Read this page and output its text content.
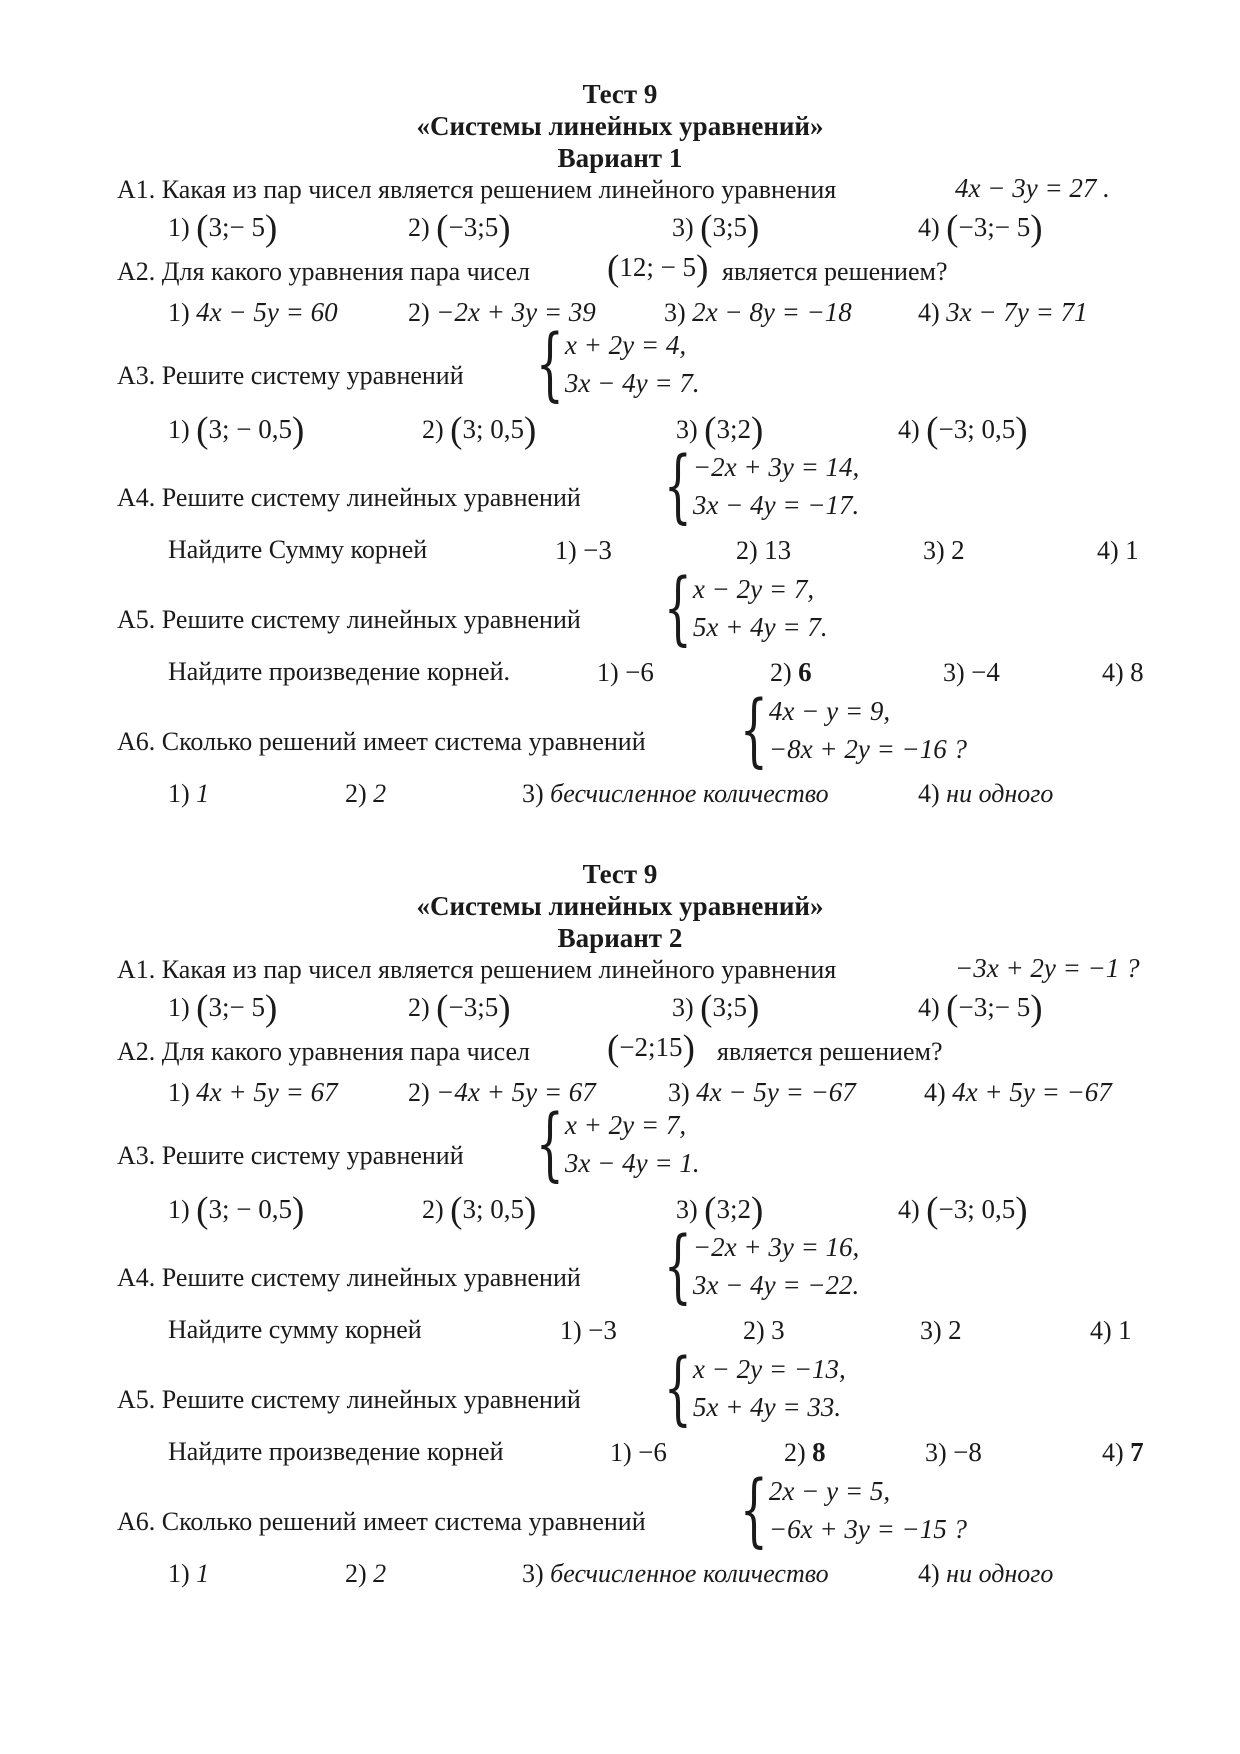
Тест 9
«Системы линейных уравнений»
Вариант 1
A1. Какая из пар чисел является решением линейного уравнения	4x − 3y = 27 .
1) (3;− 5)	2) (−3;5)	3) (3;5)	4) (−3;− 5)
A2. Для какого уравнения пара чисел (12; − 5) является решением?
1) 4x − 5y = 60	2) −2x + 3y = 39	3) 2x − 8y = −18	4) 3x − 7y = 71
A3. Решите систему уравнений { x + 2y = 4,
3x − 4y = 7.
1) (3; − 0,5)	2) (3; 0,5)	3) (3;2)	4) (−3; 0,5)
A4. Решите систему линейных уравнений { −2x + 3y = 14,
3x − 4y = −17.
Найдите Сумму корней	1) −3	2) 13	3) 2	4) 1
A5. Решите систему линейных уравнений { x − 2y = 7,
5x + 4y = 7.
Найдите произведение корней.	1) −6	2) 6	3) −4	4) 8
A6. Сколько решений имеет система уравнений { 4x − y = 9,
−8x + 2y = −16 ?
1) 1	2) 2	3) бесчисленное количество	4) ни одного
Тест 9
«Системы линейных уравнений»
Вариант 2
A1. Какая из пар чисел является решением линейного уравнения	−3x + 2y = −1 ?
1) (3;− 5)	2) (−3;5)	3) (3;5)	4) (−3;− 5)
A2. Для какого уравнения пара чисел (−2;15) является решением?
1) 4x + 5y = 67	2) −4x + 5y = 67	3) 4x − 5y = −67	4) 4x + 5y = −67
A3. Решите систему уравнений { x + 2y = 7,
3x − 4y = 1.
1) (3; − 0,5)	2) (3; 0,5)	3) (3;2)	4) (−3; 0,5)
A4. Решите систему линейных уравнений { −2x + 3y = 16,
3x − 4y = −22.
Найдите сумму корней	1) −3	2) 3	3) 2	4) 1
A5. Решите систему линейных уравнений { x − 2y = −13,
5x + 4y = 33.
Найдите произведение корней	1) −6	2) 8	3) −8	4) 7
A6. Сколько решений имеет система уравнений { 2x − y = 5,
−6x + 3y = −15 ?
1) 1	2) 2	3) бесчисленное количество	4) ни одного
